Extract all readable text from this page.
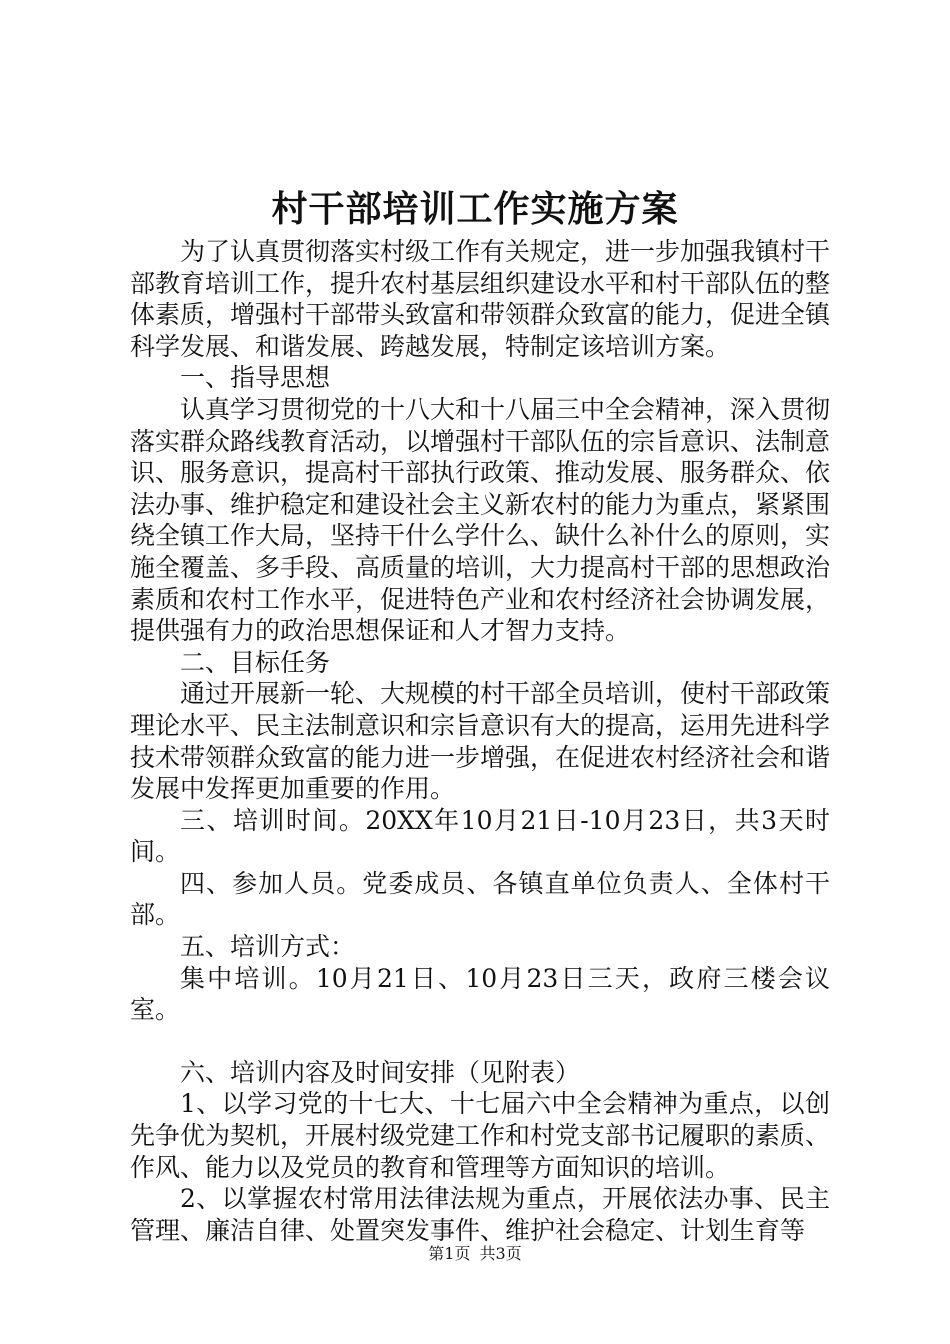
村干部培训工作实施方案

为了认真贯彻落实村级工作有关规定，进一步加强我镇村干部教育培训工作，提升农村基层组织建设水平和村干部队伍的整体素质，增强村干部带头致富和带领群众致富的能力，促进全镇科学发展、和谐发展、跨越发展，特制定该培训方案。

一、指导思想

认真学习贯彻党的十八大和十八届三中全会精神，深入贯彻落实群众路线教育活动，以增强村干部队伍的宗旨意识、法制意识、服务意识，提高村干部执行政策、推动发展、服务群众、依法办事、维护稳定和建设社会主义新农村的能力为重点，紧紧围绕全镇工作大局，坚持干什么学什么、缺什么补什么的原则，实施全覆盖、多手段、高质量的培训，大力提高村干部的思想政治素质和农村工作水平，促进特色产业和农村经济社会协调发展，提供强有力的政治思想保证和人才智力支持。

二、目标任务

通过开展新一轮、大规模的村干部全员培训，使村干部政策理论水平、民主法制意识和宗旨意识有大的提高，运用先进科学技术带领群众致富的能力进一步增强，在促进农村经济社会和谐发展中发挥更加重要的作用。

三、培训时间。20XX年10月21日-10月23日，共3天时间。

四、参加人员。党委成员、各镇直单位负责人、全体村干部。

五、培训方式：

集中培训。10月21日、10月23日三天，政府三楼会议室。

六、培训内容及时间安排（见附表）

1、以学习党的十七大、十七届六中全会精神为重点，以创先争优为契机，开展村级党建工作和村党支部书记履职的素质、作风、能力以及党员的教育和管理等方面知识的培训。

2、以掌握农村常用法律法规为重点，开展依法办事、民主管理、廉洁自律、处置突发事件、维护社会稳定、计划生育等

第1页 共3页
